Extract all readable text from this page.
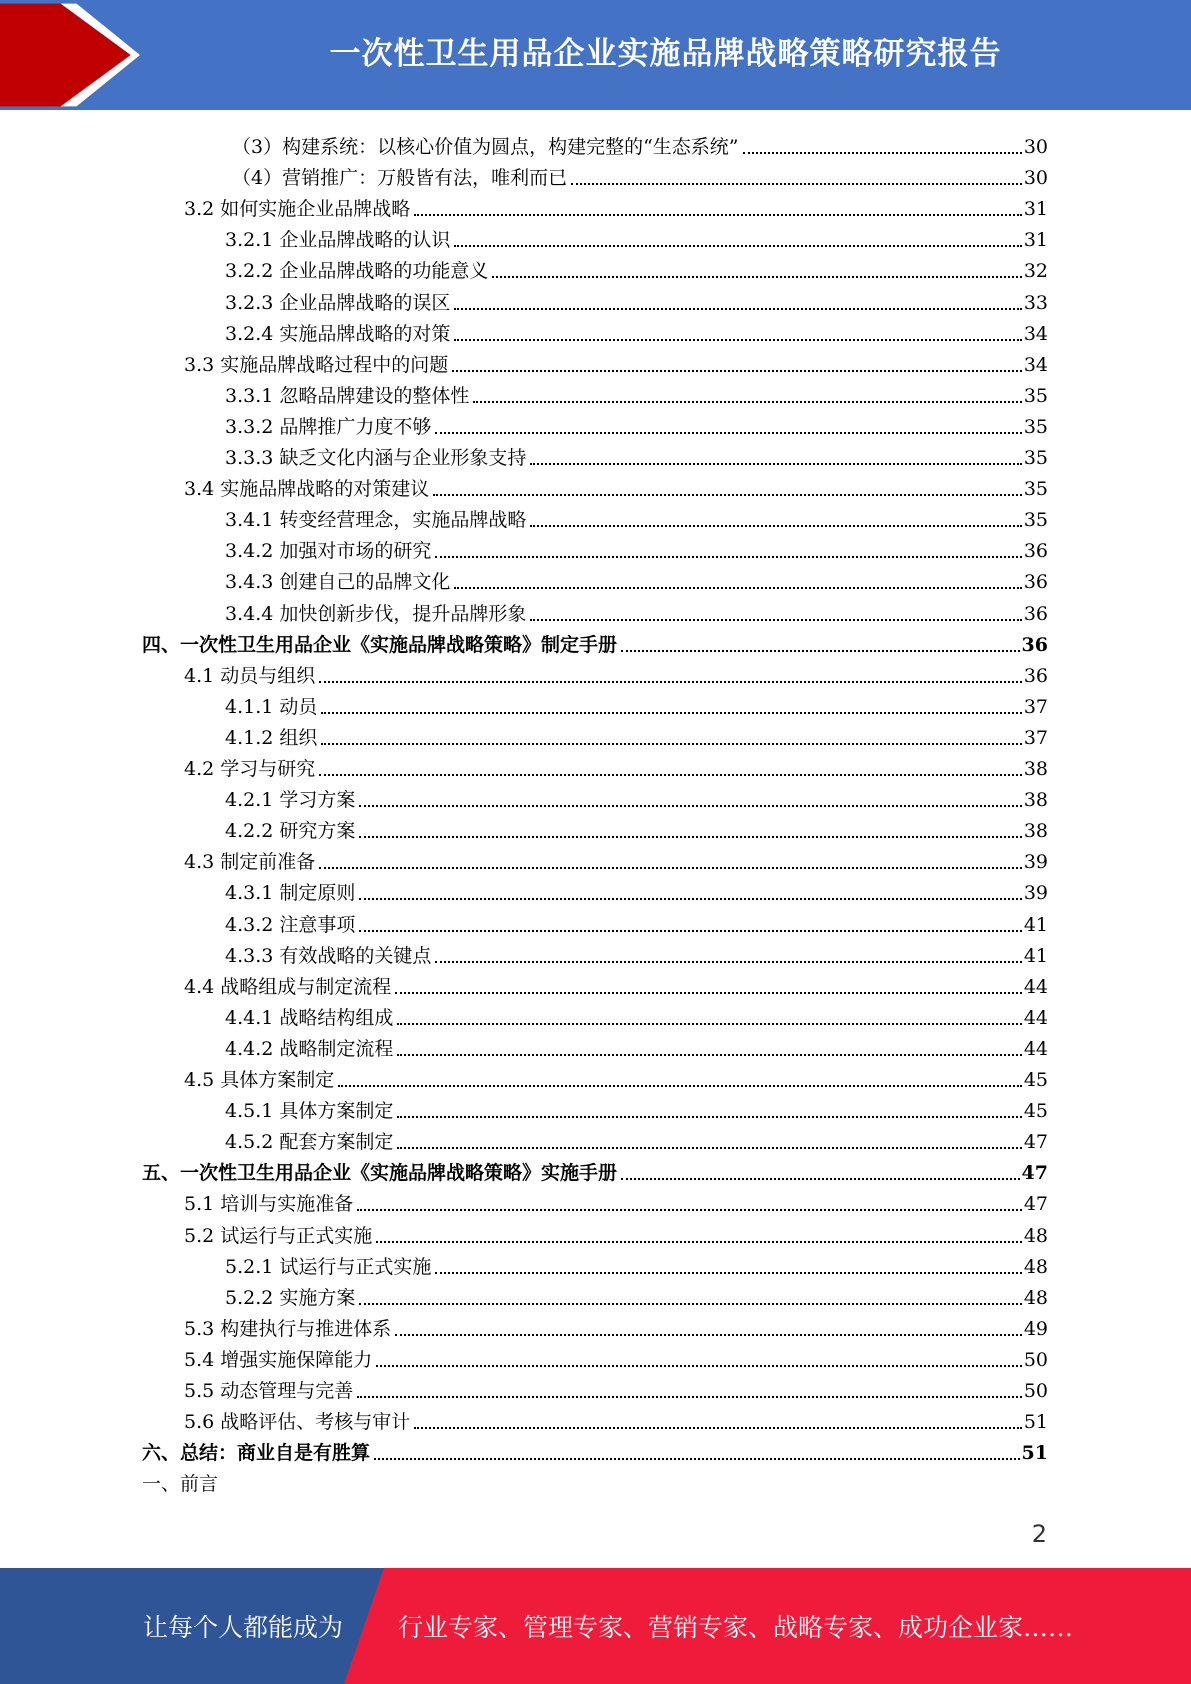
一次性卫生用品企业实施品牌战略策略研究报告
（3）构建系统：以核心价值为圆点，构建完整的“生态系统”	30
（4）营销推广：万般皆有法，唯利而已	30
3.2 如何实施企业品牌战略	31
3.2.1 企业品牌战略的认识	31
3.2.2 企业品牌战略的功能意义	32
3.2.3 企业品牌战略的误区	33
3.2.4 实施品牌战略的对策	34
3.3 实施品牌战略过程中的问题	34
3.3.1 忽略品牌建设的整体性	35
3.3.2 品牌推广力度不够	35
3.3.3 缺乏文化内涵与企业形象支持	35
3.4 实施品牌战略的对策建议	35
3.4.1 转变经营理念，实施品牌战略	35
3.4.2 加强对市场的研究	36
3.4.3 创建自己的品牌文化	36
3.4.4 加快创新步伐，提升品牌形象	36
四、一次性卫生用品企业《实施品牌战略策略》制定手册	36
4.1 动员与组织	36
4.1.1 动员	37
4.1.2 组织	37
4.2 学习与研究	38
4.2.1 学习方案	38
4.2.2 研究方案	38
4.3 制定前准备	39
4.3.1 制定原则	39
4.3.2 注意事项	41
4.3.3 有效战略的关键点	41
4.4 战略组成与制定流程	44
4.4.1 战略结构组成	44
4.4.2 战略制定流程	44
4.5 具体方案制定	45
4.5.1 具体方案制定	45
4.5.2 配套方案制定	47
五、一次性卫生用品企业《实施品牌战略策略》实施手册	47
5.1 培训与实施准备	47
5.2 试运行与正式实施	48
5.2.1 试运行与正式实施	48
5.2.2 实施方案	48
5.3 构建执行与推进体系	49
5.4 增强实施保障能力	50
5.5 动态管理与完善	50
5.6 战略评估、考核与审计	51
六、总结：商业自是有胜算	51
一、前言
2
让每个人都能成为 行业专家、管理专家、营销专家、战略专家、成功企业家……
